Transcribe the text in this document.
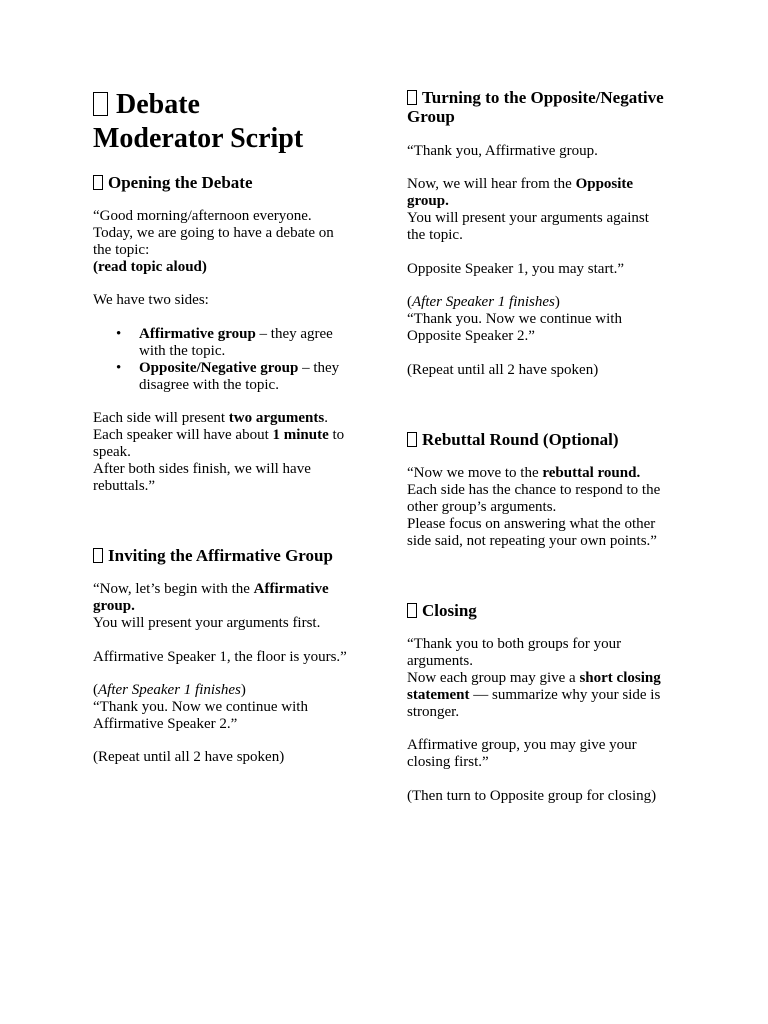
Debate
Moderator Script
Opening the Debate

“Good morning/afternoon everyone.
Today, we are going to have a debate on
the topic:
(read topic aloud)

We have two sides:

• Affirmative group – they agree
with the topic.
• Opposite/Negative group – they
disagree with the topic.

Each side will present two arguments.
Each speaker will have about 1 minute to
speak.
After both sides finish, we will have
rebuttals.”

Inviting the Affirmative Group

“Now, let’s begin with the Affirmative
group.
You will present your arguments first.

Affirmative Speaker 1, the floor is yours.”

(After Speaker 1 finishes)
“Thank you. Now we continue with
Affirmative Speaker 2.”

(Repeat until all 2 have spoken)

Turning to the Opposite/Negative
Group

“Thank you, Affirmative group.

Now, we will hear from the Opposite
group.
You will present your arguments against
the topic.

Opposite Speaker 1, you may start.”

(After Speaker 1 finishes)
“Thank you. Now we continue with
Opposite Speaker 2.”

(Repeat until all 2 have spoken)

Rebuttal Round (Optional)

“Now we move to the rebuttal round.
Each side has the chance to respond to the
other group’s arguments.
Please focus on answering what the other
side said, not repeating your own points.”

Closing

“Thank you to both groups for your
arguments.
Now each group may give a short closing
statement — summarize why your side is
stronger.

Affirmative group, you may give your
closing first.”

(Then turn to Opposite group for closing)
